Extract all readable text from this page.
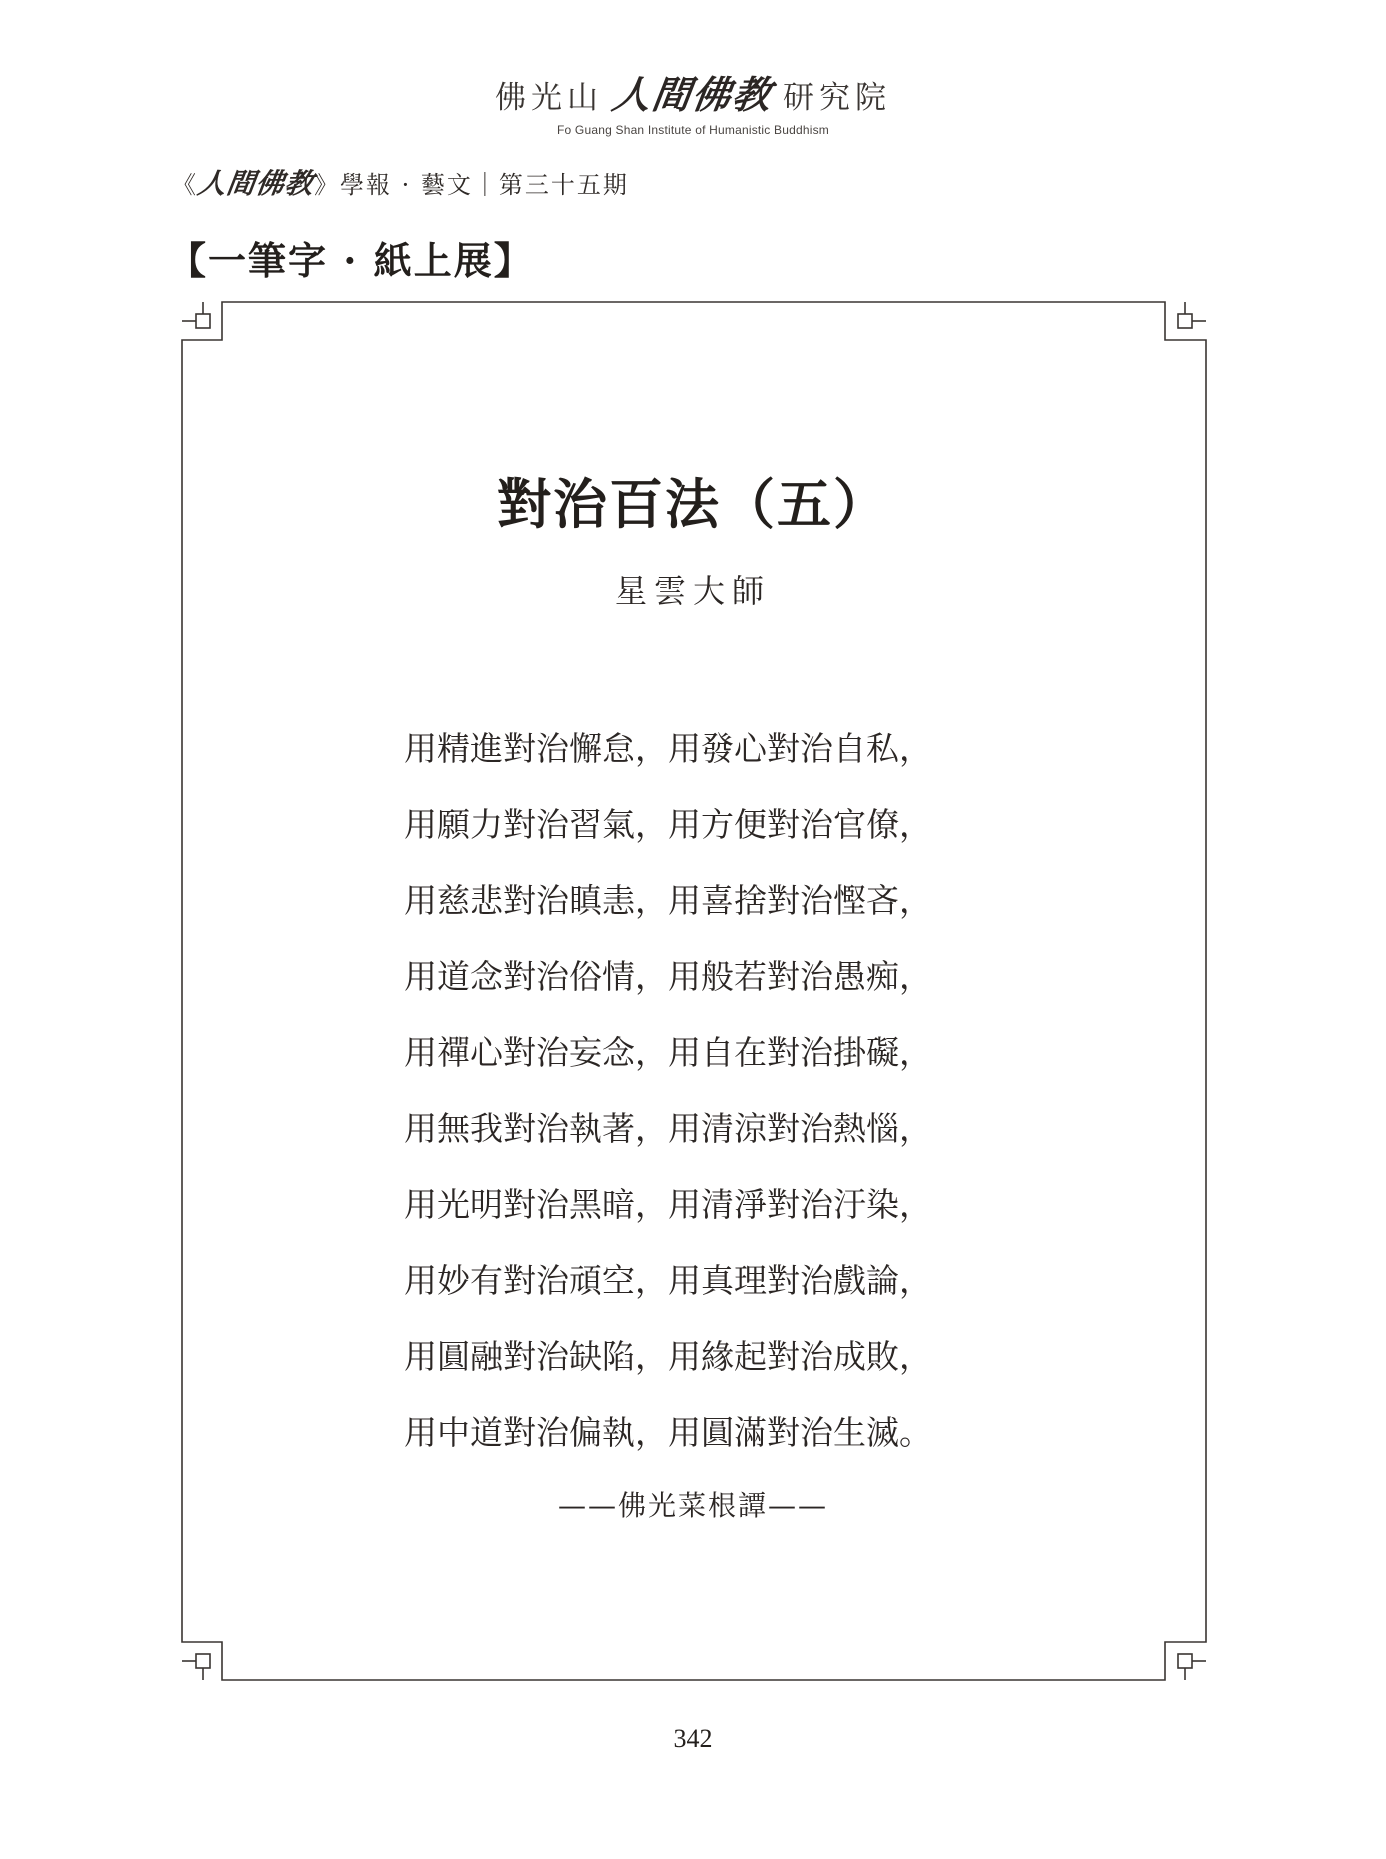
佛光山 人間佛教 研究院
Fo Guang Shan Institute of Humanistic Buddhism
《人間佛教》學報 · 藝文｜第三十五期
【一筆字 · 紙上展】
對治百法（五）
星雲大師
用精進對治懈怠，用發心對治自私，
用願力對治習氣，用方便對治官僚，
用慈悲對治瞋恚，用喜捨對治慳吝，
用道念對治俗情，用般若對治愚痴，
用禪心對治妄念，用自在對治掛礙，
用無我對治執著，用清涼對治熱惱，
用光明對治黑暗，用清淨對治汙染，
用妙有對治頑空，用真理對治戲論，
用圓融對治缺陷，用緣起對治成敗，
用中道對治偏執，用圓滿對治生滅。
——佛光菜根譚——
342
